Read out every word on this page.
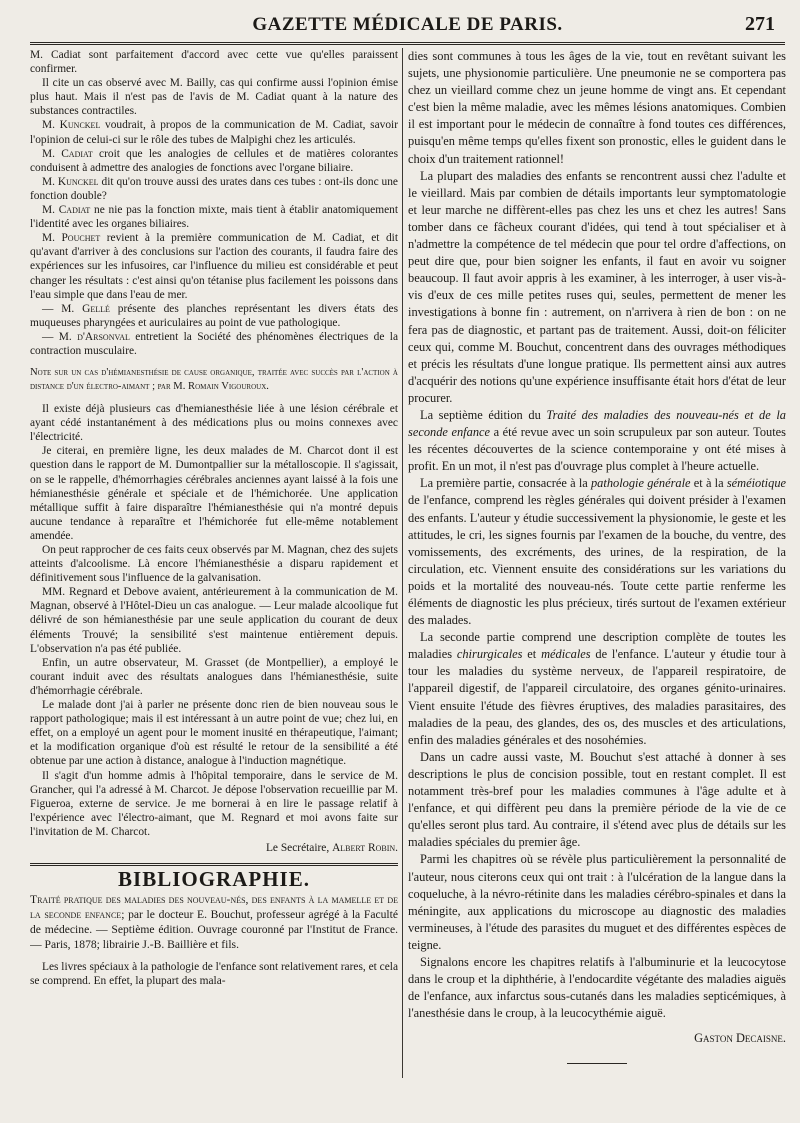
GAZETTE MÉDICALE DE PARIS.	271

M. Cadiat sont parfaitement d'accord avec cette vue qu'elles paraissent confirmer.

Il cite un cas observé avec M. Bailly, cas qui confirme aussi l'opinion émise plus haut. Mais il n'est pas de l'avis de M. Cadiat quant à la nature des substances contractiles.

M. Kunckel voudrait, à propos de la communication de M. Cadiat, savoir l'opinion de celui-ci sur le rôle des tubes de Malpighi chez les articulés.

M. Cadiat croit que les analogies de cellules et de matières colorantes conduisent à admettre des analogies de fonctions avec l'organe biliaire.

M. Kunckel dit qu'on trouve aussi des urates dans ces tubes : ont-ils donc une fonction double?

M. Cadiat ne nie pas la fonction mixte, mais tient à établir anatomiquement l'identité avec les organes biliaires.

M. Pouchet revient à la première communication de M. Cadiat, et dit qu'avant d'arriver à des conclusions sur l'action des courants, il faudra faire des expériences sur les infusoires, car l'influence du milieu est considérable et peut changer les résultats : c'est ainsi qu'on tétanise plus facilement les poissons dans l'eau simple que dans l'eau de mer.

— M. Gellé présente des planches représentant les divers états des muqueuses pharyngées et auriculaires au point de vue pathologique.

— M. d'Arsonval entretient la Société des phénomènes électriques de la contraction musculaire.

Note sur un cas d'hémianesthésie de cause organique, traitée avec succès par l'action à distance d'un électro-aimant ; par M. Romain Vigouroux.

Il existe déjà plusieurs cas d'hemianesthésie liée à une lésion cérébrale et ayant cédé instantanément à des médications plus ou moins connexes avec l'électricité.

Je citerai, en première ligne, les deux malades de M. Charcot dont il est question dans le rapport de M. Dumontpallier sur la métalloscopie. Il s'agissait, on se le rappelle, d'hémorrhagies cérébrales anciennes ayant laissé à la fois une hémianesthésie générale et spéciale et de l'hémichorée. Une application métallique suffit à faire disparaître l'hémianesthésie qui n'a montré depuis aucune tendance à reparaître et l'hémichorée fut elle-même notablement amendée.

On peut rapprocher de ces faits ceux observés par M. Magnan, chez des sujets atteints d'alcoolisme. Là encore l'hémianesthésie a disparu rapidement et définitivement sous l'influence de la galvanisation.

MM. Regnard et Debove avaient, antérieurement à la communication de M. Magnan, observé à l'Hôtel-Dieu un cas analogue. — Leur malade alcoolique fut délivré de son hémianesthésie par une seule application du courant de deux éléments Trouvé; la sensibilité s'est maintenue entièrement depuis. L'observation n'a pas été publiée.

Enfin, un autre observateur, M. Grasset (de Montpellier), a employé le courant induit avec des résultats analogues dans l'hémianesthésie, suite d'hémorrhagie cérébrale.

Le malade dont j'ai à parler ne présente donc rien de bien nouveau sous le rapport pathologique; mais il est intéressant à un autre point de vue; chez lui, en effet, on a employé un agent pour le moment inusité en thérapeutique, l'aimant; et la modification organique d'où est résulté le retour de la sensibilité a été obtenue par une action à distance, analogue à l'induction magnétique.

Il s'agit d'un homme admis à l'hôpital temporaire, dans le service de M. Grancher, qui l'a adressé à M. Charcot. Je dépose l'observation recueillie par M. Figueroa, externe de service. Je me bornerai à en lire le passage relatif à l'expérience avec l'électro-aimant, que M. Regnard et moi avons faite sur l'invitation de M. Charcot.

Le Secrétaire, Albert Robin.
BIBLIOGRAPHIE.

Traité pratique des maladies des nouveau-nés, des enfants à la mamelle et de la seconde enfance; par le docteur E. Bouchut, professeur agrégé à la Faculté de médecine. — Septième édition. Ouvrage couronné par l'Institut de France. — Paris, 1878; librairie J.-B. Baillière et fils.

Les livres spéciaux à la pathologie de l'enfance sont relativement rares, et cela se comprend. En effet, la plupart des mala-

dies sont communes à tous les âges de la vie, tout en revêtant suivant les sujets, une physionomie particulière. Une pneumonie ne se comportera pas chez un vieillard comme chez un jeune homme de vingt ans. Et cependant c'est bien la même maladie, avec les mêmes lésions anatomiques. Combien il est important pour le médecin de connaître à fond toutes ces différences, puisqu'en même temps qu'elles fixent son pronostic, elles le guident dans le choix d'un traitement rationnel!

La plupart des maladies des enfants se rencontrent aussi chez l'adulte et le vieillard. Mais par combien de détails importants leur symptomatologie et leur marche ne diffèrent-elles pas chez les uns et chez les autres! Sans tomber dans ce fâcheux courant d'idées, qui tend à tout spécialiser et à n'admettre la compétence de tel médecin que pour tel ordre d'affections, on peut dire que, pour bien soigner les enfants, il faut en avoir vu soigner beaucoup. Il faut avoir appris à les examiner, à les interroger, à user vis-à-vis d'eux de ces mille petites ruses qui, seules, permettent de mener les investigations à bonne fin : autrement, on n'arrivera à rien de bon : on ne fera pas de diagnostic, et partant pas de traitement. Aussi, doit-on féliciter ceux qui, comme M. Bouchut, concentrent dans des ouvrages méthodiques et précis les résultats d'une longue pratique. Ils permettent ainsi aux autres d'acquérir des notions qu'une expérience insuffisante était hors d'état de leur procurer.

La septième édition du Traité des maladies des nouveau-nés et de la seconde enfance a été revue avec un soin scrupuleux par son auteur. Toutes les récentes découvertes de la science contemporaine y ont été mises à profit. En un mot, il n'est pas d'ouvrage plus complet à l'heure actuelle.

La première partie, consacrée à la pathologie générale et à la séméiotique de l'enfance, comprend les règles générales qui doivent présider à l'examen des enfants. L'auteur y étudie successivement la physionomie, le geste et les attitudes, le cri, les signes fournis par l'examen de la bouche, du ventre, des vomissements, des excréments, des urines, de la respiration, de la circulation, etc. Viennent ensuite des considérations sur les variations du poids et la mortalité des nouveau-nés. Toute cette partie renferme les éléments de diagnostic les plus précieux, tirés surtout de l'examen extérieur des malades.

La seconde partie comprend une description complète de toutes les maladies chirurgicales et médicales de l'enfance. L'auteur y étudie tour à tour les maladies du système nerveux, de l'appareil respiratoire, de l'appareil digestif, de l'appareil circulatoire, des organes génito-urinaires. Vient ensuite l'étude des fièvres éruptives, des maladies parasitaires, des maladies de la peau, des glandes, des os, des muscles et des articulations, enfin des maladies générales et des nosohémies.

Dans un cadre aussi vaste, M. Bouchut s'est attaché à donner à ses descriptions le plus de concision possible, tout en restant complet. Il est notamment très-bref pour les maladies communes à l'âge adulte et à l'enfance, et qui diffèrent peu dans la première période de la vie de ce qu'elles seront plus tard. Au contraire, il s'étend avec plus de détails sur les maladies spéciales du premier âge.

Parmi les chapitres où se révèle plus particulièrement la personnalité de l'auteur, nous citerons ceux qui ont trait : à l'ulcération de la langue dans la coqueluche, à la névro-rétinite dans les maladies cérébro-spinales et dans la méningite, aux applications du microscope au diagnostic des maladies vermineuses, à l'étude des parasites du muguet et des différentes espèces de teigne.

Signalons encore les chapitres relatifs à l'albuminurie et la leucocytose dans le croup et la diphthérie, à l'endocardite végétante des maladies aiguës de l'enfance, aux infarctus sous-cutanés dans les maladies septicémiques, à l'anesthésie dans le croup, à la leucocythémie aiguë.

Gaston Decaisne.
